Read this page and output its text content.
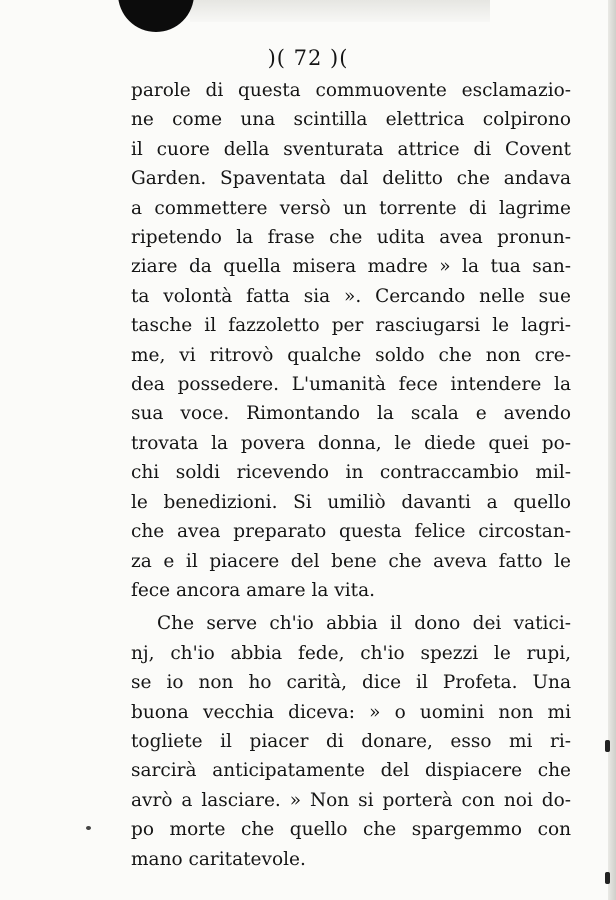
)( 72 )(
parole di questa commuovente esclamazio-
ne come una scintilla elettrica colpirono
il cuore della sventurata attrice di Covent
Garden. Spaventata dal delitto che andava
a commettere versò un torrente di lagrime
ripetendo la frase che udita avea pronun-
ziare da quella misera madre » la tua san-
ta volontà fatta sia ». Cercando nelle sue
tasche il fazzoletto per rasciugarsi le lagri-
me, vi ritrovò qualche soldo che non cre-
dea possedere. L'umanità fece intendere la
sua voce. Rimontando la scala e avendo
trovata la povera donna, le diede quei po-
chi soldi ricevendo in contraccambio mil-
le benedizioni. Si umiliò davanti a quello
che avea preparato questa felice circostan-
za e il piacere del bene che aveva fatto le
fece ancora amare la vita.
Che serve ch'io abbia il dono dei vatici-
nj, ch'io abbia fede, ch'io spezzi le rupi,
se io non ho carità, dice il Profeta. Una
buona vecchia diceva: » o uomini non mi
togliete il piacer di donare, esso mi ri-
sarcirà anticipatamente del dispiacere che
avrò a lasciare. » Non si porterà con noi do-
po morte che quello che spargemmo con
mano caritatevole.
